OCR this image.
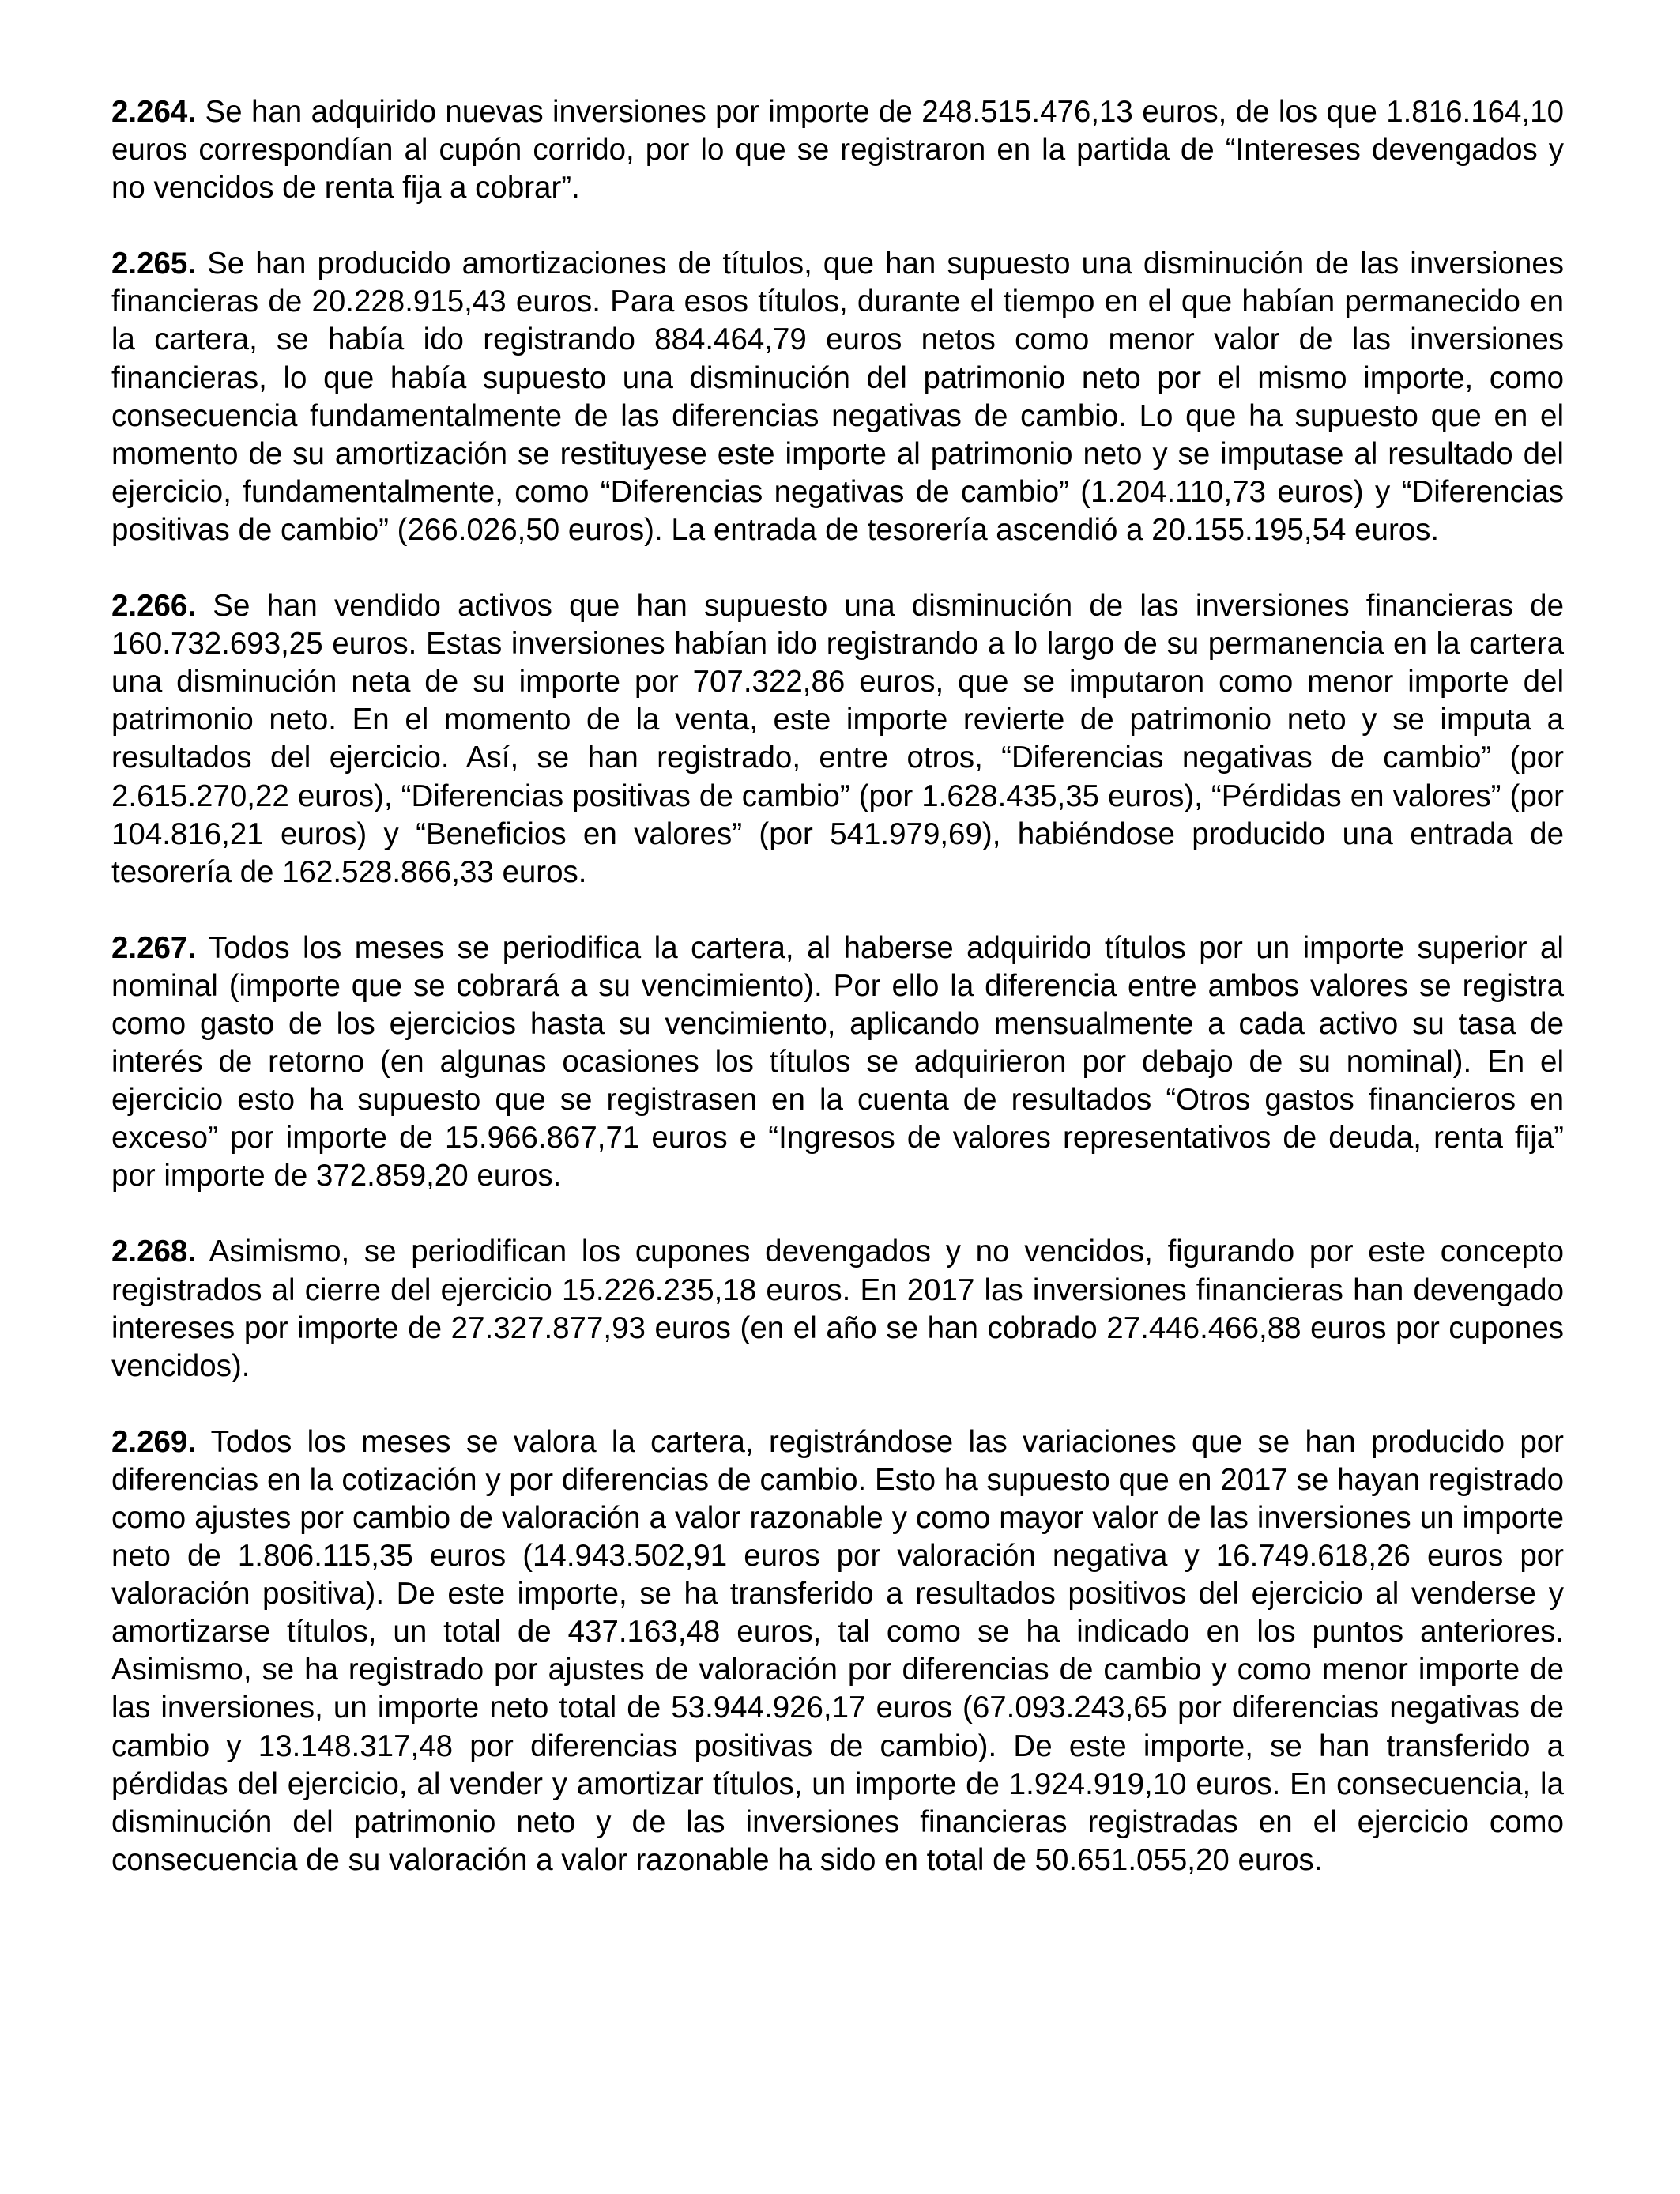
2.264. Se han adquirido nuevas inversiones por importe de 248.515.476,13 euros, de los que 1.816.164,10 euros correspondían al cupón corrido, por lo que se registraron en la partida de “Intereses devengados y no vencidos de renta fija a cobrar”.

2.265. Se han producido amortizaciones de títulos, que han supuesto una disminución de las inversiones financieras de 20.228.915,43 euros. Para esos títulos, durante el tiempo en el que habían permanecido en la cartera, se había ido registrando 884.464,79 euros netos como menor valor de las inversiones financieras, lo que había supuesto una disminución del patrimonio neto por el mismo importe, como consecuencia fundamentalmente de las diferencias negativas de cambio. Lo que ha supuesto que en el momento de su amortización se restituyese este importe al patrimonio neto y se imputase al resultado del ejercicio, fundamentalmente, como “Diferencias negativas de cambio” (1.204.110,73 euros) y “Diferencias positivas de cambio” (266.026,50 euros). La entrada de tesorería ascendió a 20.155.195,54 euros.

2.266. Se han vendido activos que han supuesto una disminución de las inversiones financieras de 160.732.693,25 euros. Estas inversiones habían ido registrando a lo largo de su permanencia en la cartera una disminución neta de su importe por 707.322,86 euros, que se imputaron como menor importe del patrimonio neto. En el momento de la venta, este importe revierte de patrimonio neto y se imputa a resultados del ejercicio. Así, se han registrado, entre otros, “Diferencias negativas de cambio” (por 2.615.270,22 euros), “Diferencias positivas de cambio” (por 1.628.435,35 euros), “Pérdidas en valores” (por 104.816,21 euros) y “Beneficios en valores” (por 541.979,69), habiéndose producido una entrada de tesorería de 162.528.866,33 euros.

2.267. Todos los meses se periodifica la cartera, al haberse adquirido títulos por un importe superior al nominal (importe que se cobrará a su vencimiento). Por ello la diferencia entre ambos valores se registra como gasto de los ejercicios hasta su vencimiento, aplicando mensualmente a cada activo su tasa de interés de retorno (en algunas ocasiones los títulos se adquirieron por debajo de su nominal). En el ejercicio esto ha supuesto que se registrasen en la cuenta de resultados “Otros gastos financieros en exceso” por importe de 15.966.867,71 euros e “Ingresos de valores representativos de deuda, renta fija” por importe de 372.859,20 euros.

2.268. Asimismo, se periodifican los cupones devengados y no vencidos, figurando por este concepto registrados al cierre del ejercicio 15.226.235,18 euros. En 2017 las inversiones financieras han devengado intereses por importe de 27.327.877,93 euros (en el año se han cobrado 27.446.466,88 euros por cupones vencidos).

2.269. Todos los meses se valora la cartera, registrándose las variaciones que se han producido por diferencias en la cotización y por diferencias de cambio. Esto ha supuesto que en 2017 se hayan registrado como ajustes por cambio de valoración a valor razonable y como mayor valor de las inversiones un importe neto de 1.806.115,35 euros (14.943.502,91 euros por valoración negativa y 16.749.618,26 euros por valoración positiva). De este importe, se ha transferido a resultados positivos del ejercicio al venderse y amortizarse títulos, un total de 437.163,48 euros, tal como se ha indicado en los puntos anteriores. Asimismo, se ha registrado por ajustes de valoración por diferencias de cambio y como menor importe de las inversiones, un importe neto total de 53.944.926,17 euros (67.093.243,65 por diferencias negativas de cambio y 13.148.317,48 por diferencias positivas de cambio). De este importe, se han transferido a pérdidas del ejercicio, al vender y amortizar títulos, un importe de 1.924.919,10 euros. En consecuencia, la disminución del patrimonio neto y de las inversiones financieras registradas en el ejercicio como consecuencia de su valoración a valor razonable ha sido en total de 50.651.055,20 euros.
